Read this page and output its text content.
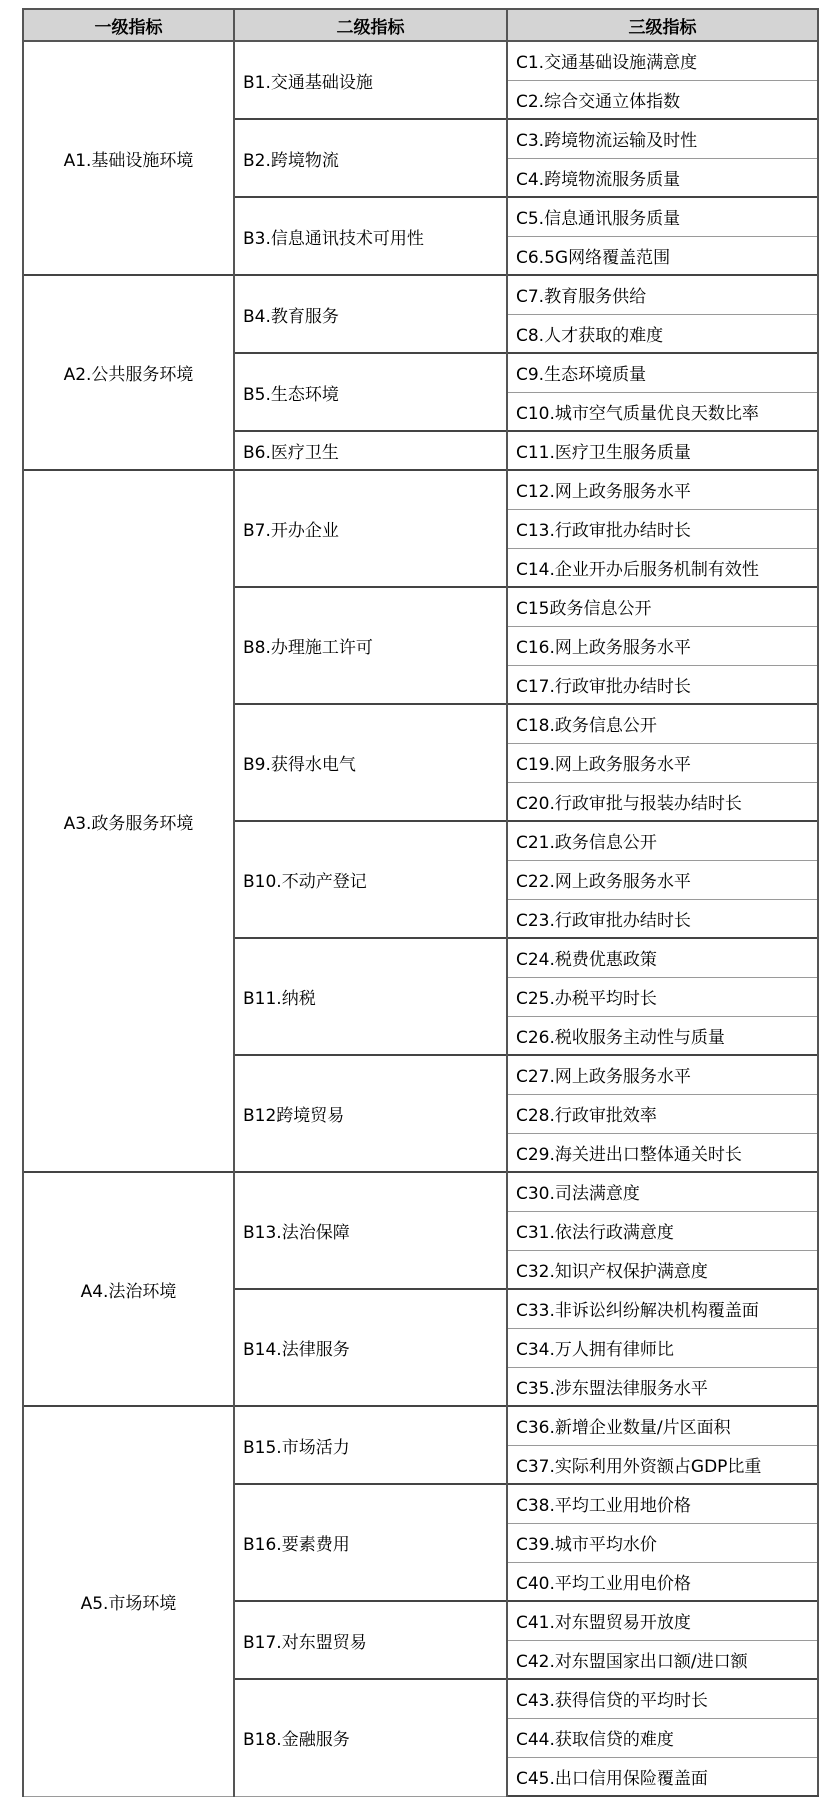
一级指标	二级指标	三级指标
A1.基础设施环境	B1.交通基础设施	C1.交通基础设施满意度
		C2.综合交通立体指数
	B2.跨境物流	C3.跨境物流运输及时性
		C4.跨境物流服务质量
	B3.信息通讯技术可用性	C5.信息通讯服务质量
		C6.5G网络覆盖范围
A2.公共服务环境	B4.教育服务	C7.教育服务供给
		C8.人才获取的难度
	B5.生态环境	C9.生态环境质量
		C10.城市空气质量优良天数比率
	B6.医疗卫生	C11.医疗卫生服务质量
A3.政务服务环境	B7.开办企业	C12.网上政务服务水平
		C13.行政审批办结时长
		C14.企业开办后服务机制有效性
	B8.办理施工许可	C15政务信息公开
		C16.网上政务服务水平
		C17.行政审批办结时长
	B9.获得水电气	C18.政务信息公开
		C19.网上政务服务水平
		C20.行政审批与报装办结时长
	B10.不动产登记	C21.政务信息公开
		C22.网上政务服务水平
		C23.行政审批办结时长
	B11.纳税	C24.税费优惠政策
		C25.办税平均时长
		C26.税收服务主动性与质量
	B12跨境贸易	C27.网上政务服务水平
		C28.行政审批效率
		C29.海关进出口整体通关时长
A4.法治环境	B13.法治保障	C30.司法满意度
		C31.依法行政满意度
		C32.知识产权保护满意度
	B14.法律服务	C33.非诉讼纠纷解决机构覆盖面
		C34.万人拥有律师比
		C35.涉东盟法律服务水平
A5.市场环境	B15.市场活力	C36.新增企业数量/片区面积
		C37.实际利用外资额占GDP比重
	B16.要素费用	C38.平均工业用地价格
		C39.城市平均水价
		C40.平均工业用电价格
	B17.对东盟贸易	C41.对东盟贸易开放度
		C42.对东盟国家出口额/进口额
	B18.金融服务	C43.获得信贷的平均时长
		C44.获取信贷的难度
		C45.出口信用保险覆盖面
